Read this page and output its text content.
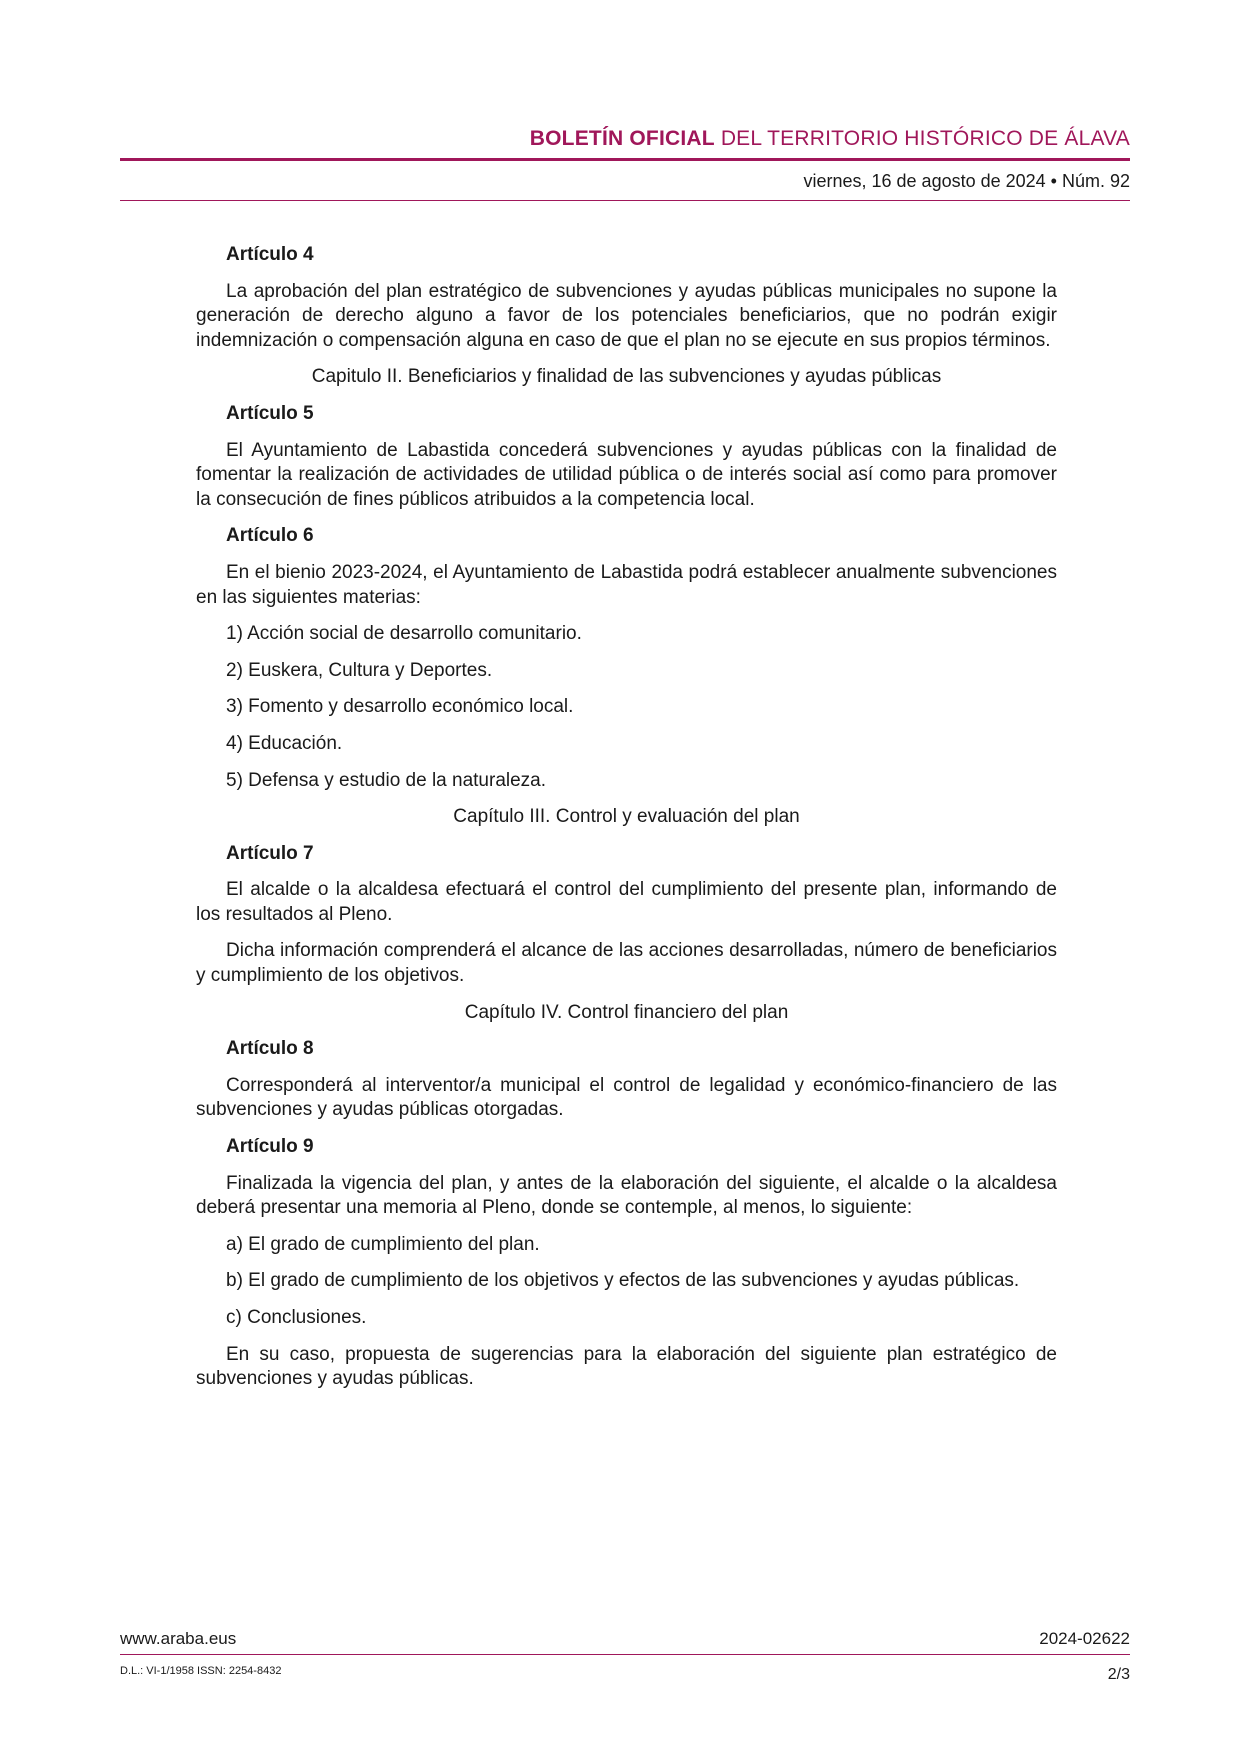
BOLETÍN OFICIAL DEL TERRITORIO HISTÓRICO DE ÁLAVA
viernes, 16 de agosto de 2024 • Núm. 92
Artículo 4

La aprobación del plan estratégico de subvenciones y ayudas públicas municipales no supone la generación de derecho alguno a favor de los potenciales beneficiarios, que no podrán exigir indemnización o compensación alguna en caso de que el plan no se ejecute en sus propios términos.

Capitulo II. Beneficiarios y finalidad de las subvenciones y ayudas públicas

Artículo 5

El Ayuntamiento de Labastida concederá subvenciones y ayudas públicas con la finalidad de fomentar la realización de actividades de utilidad pública o de interés social así como para promover la consecución de fines públicos atribuidos a la competencia local.

Artículo 6

En el bienio 2023-2024, el Ayuntamiento de Labastida podrá establecer anualmente subvenciones en las siguientes materias:

1) Acción social de desarrollo comunitario.

2) Euskera, Cultura y Deportes.

3) Fomento y desarrollo económico local.

4) Educación.

5) Defensa y estudio de la naturaleza.

Capítulo III. Control y evaluación del plan

Artículo 7

El alcalde o la alcaldesa efectuará el control del cumplimiento del presente plan, informando de los resultados al Pleno.

Dicha información comprenderá el alcance de las acciones desarrolladas, número de beneficiarios y cumplimiento de los objetivos.

Capítulo IV. Control financiero del plan

Artículo 8

Corresponderá al interventor/a municipal el control de legalidad y económico-financiero de las subvenciones y ayudas públicas otorgadas.

Artículo 9

Finalizada la vigencia del plan, y antes de la elaboración del siguiente, el alcalde o la alcaldesa deberá presentar una memoria al Pleno, donde se contemple, al menos, lo siguiente:

a) El grado de cumplimiento del plan.

b) El grado de cumplimiento de los objetivos y efectos de las subvenciones y ayudas públicas.

c) Conclusiones.

En su caso, propuesta de sugerencias para la elaboración del siguiente plan estratégico de subvenciones y ayudas públicas.

www.araba.eus	2024-02622
D.L.: VI-1/1958 ISSN: 2254-8432	2/3
